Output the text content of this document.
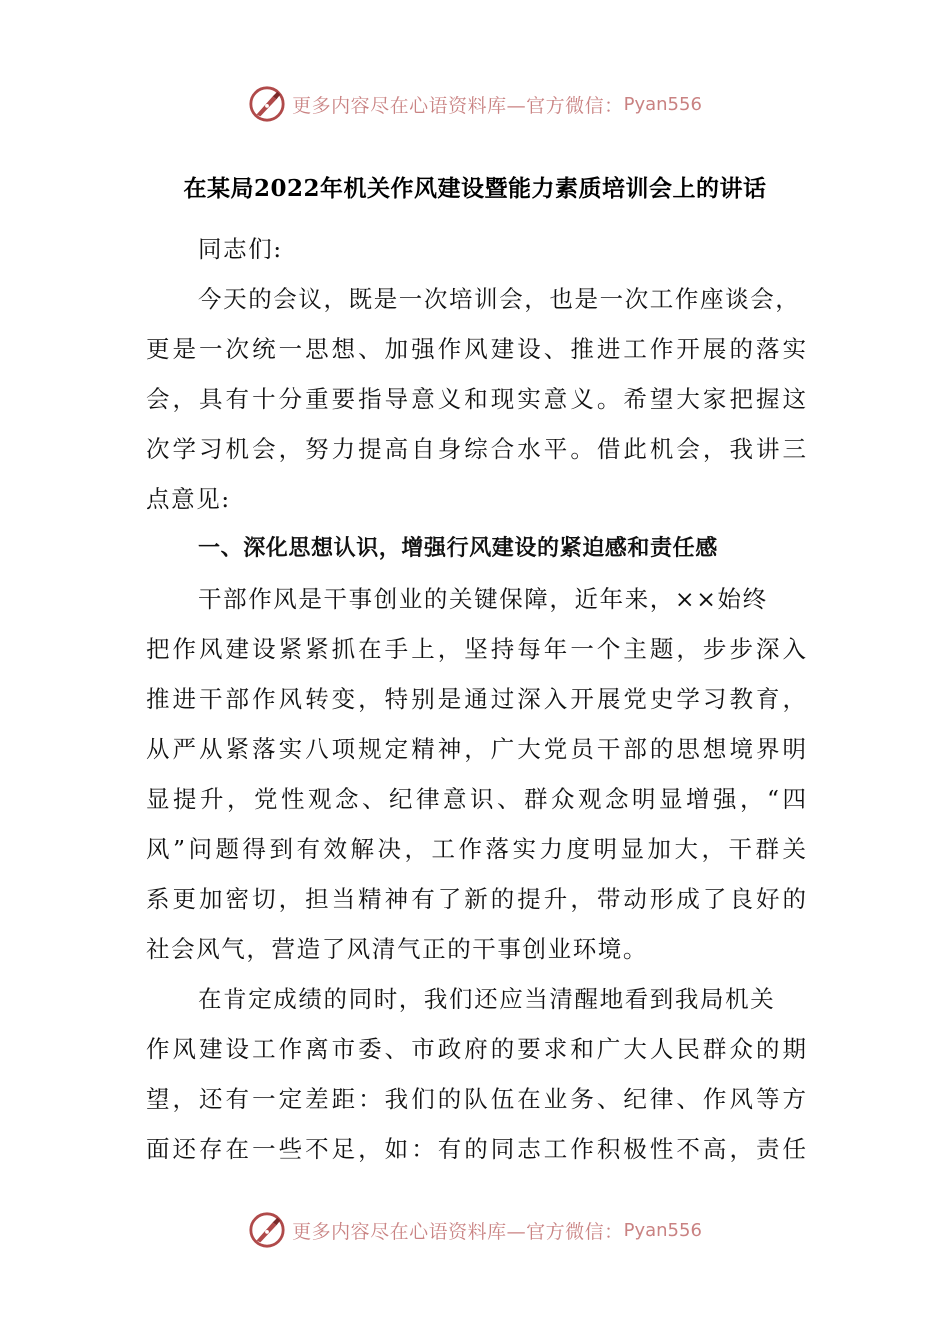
更多内容尽在心语资料库—官方微信： Pyan556
在某局2022年机关作风建设暨能力素质培训会上的讲话
同志们:
今天的会议，既是一次培训会，也是一次工作座谈会，
更是一次统一思想、加强作风建设、推进工作开展的落实
会，具有十分重要指导意义和现实意义。希望大家把握这
次学习机会，努力提高自身综合水平。借此机会，我讲三
点意见:
一、深化思想认识，增强行风建设的紧迫感和责任感
干部作风是干事创业的关键保障，近年来，××始终
把作风建设紧紧抓在手上，坚持每年一个主题，步步深入
推进干部作风转变，特别是通过深入开展党史学习教育，
从严从紧落实八项规定精神，广大党员干部的思想境界明
显提升，党性观念、纪律意识、群众观念明显增强，“四
风”问题得到有效解决，工作落实力度明显加大，干群关
系更加密切，担当精神有了新的提升，带动形成了良好的
社会风气，营造了风清气正的干事创业环境。
在肯定成绩的同时，我们还应当清醒地看到我局机关
作风建设工作离市委、市政府的要求和广大人民群众的期
望，还有一定差距：我们的队伍在业务、纪律、作风等方
面还存在一些不足，如：有的同志工作积极性不高，责任
更多内容尽在心语资料库—官方微信： Pyan556
